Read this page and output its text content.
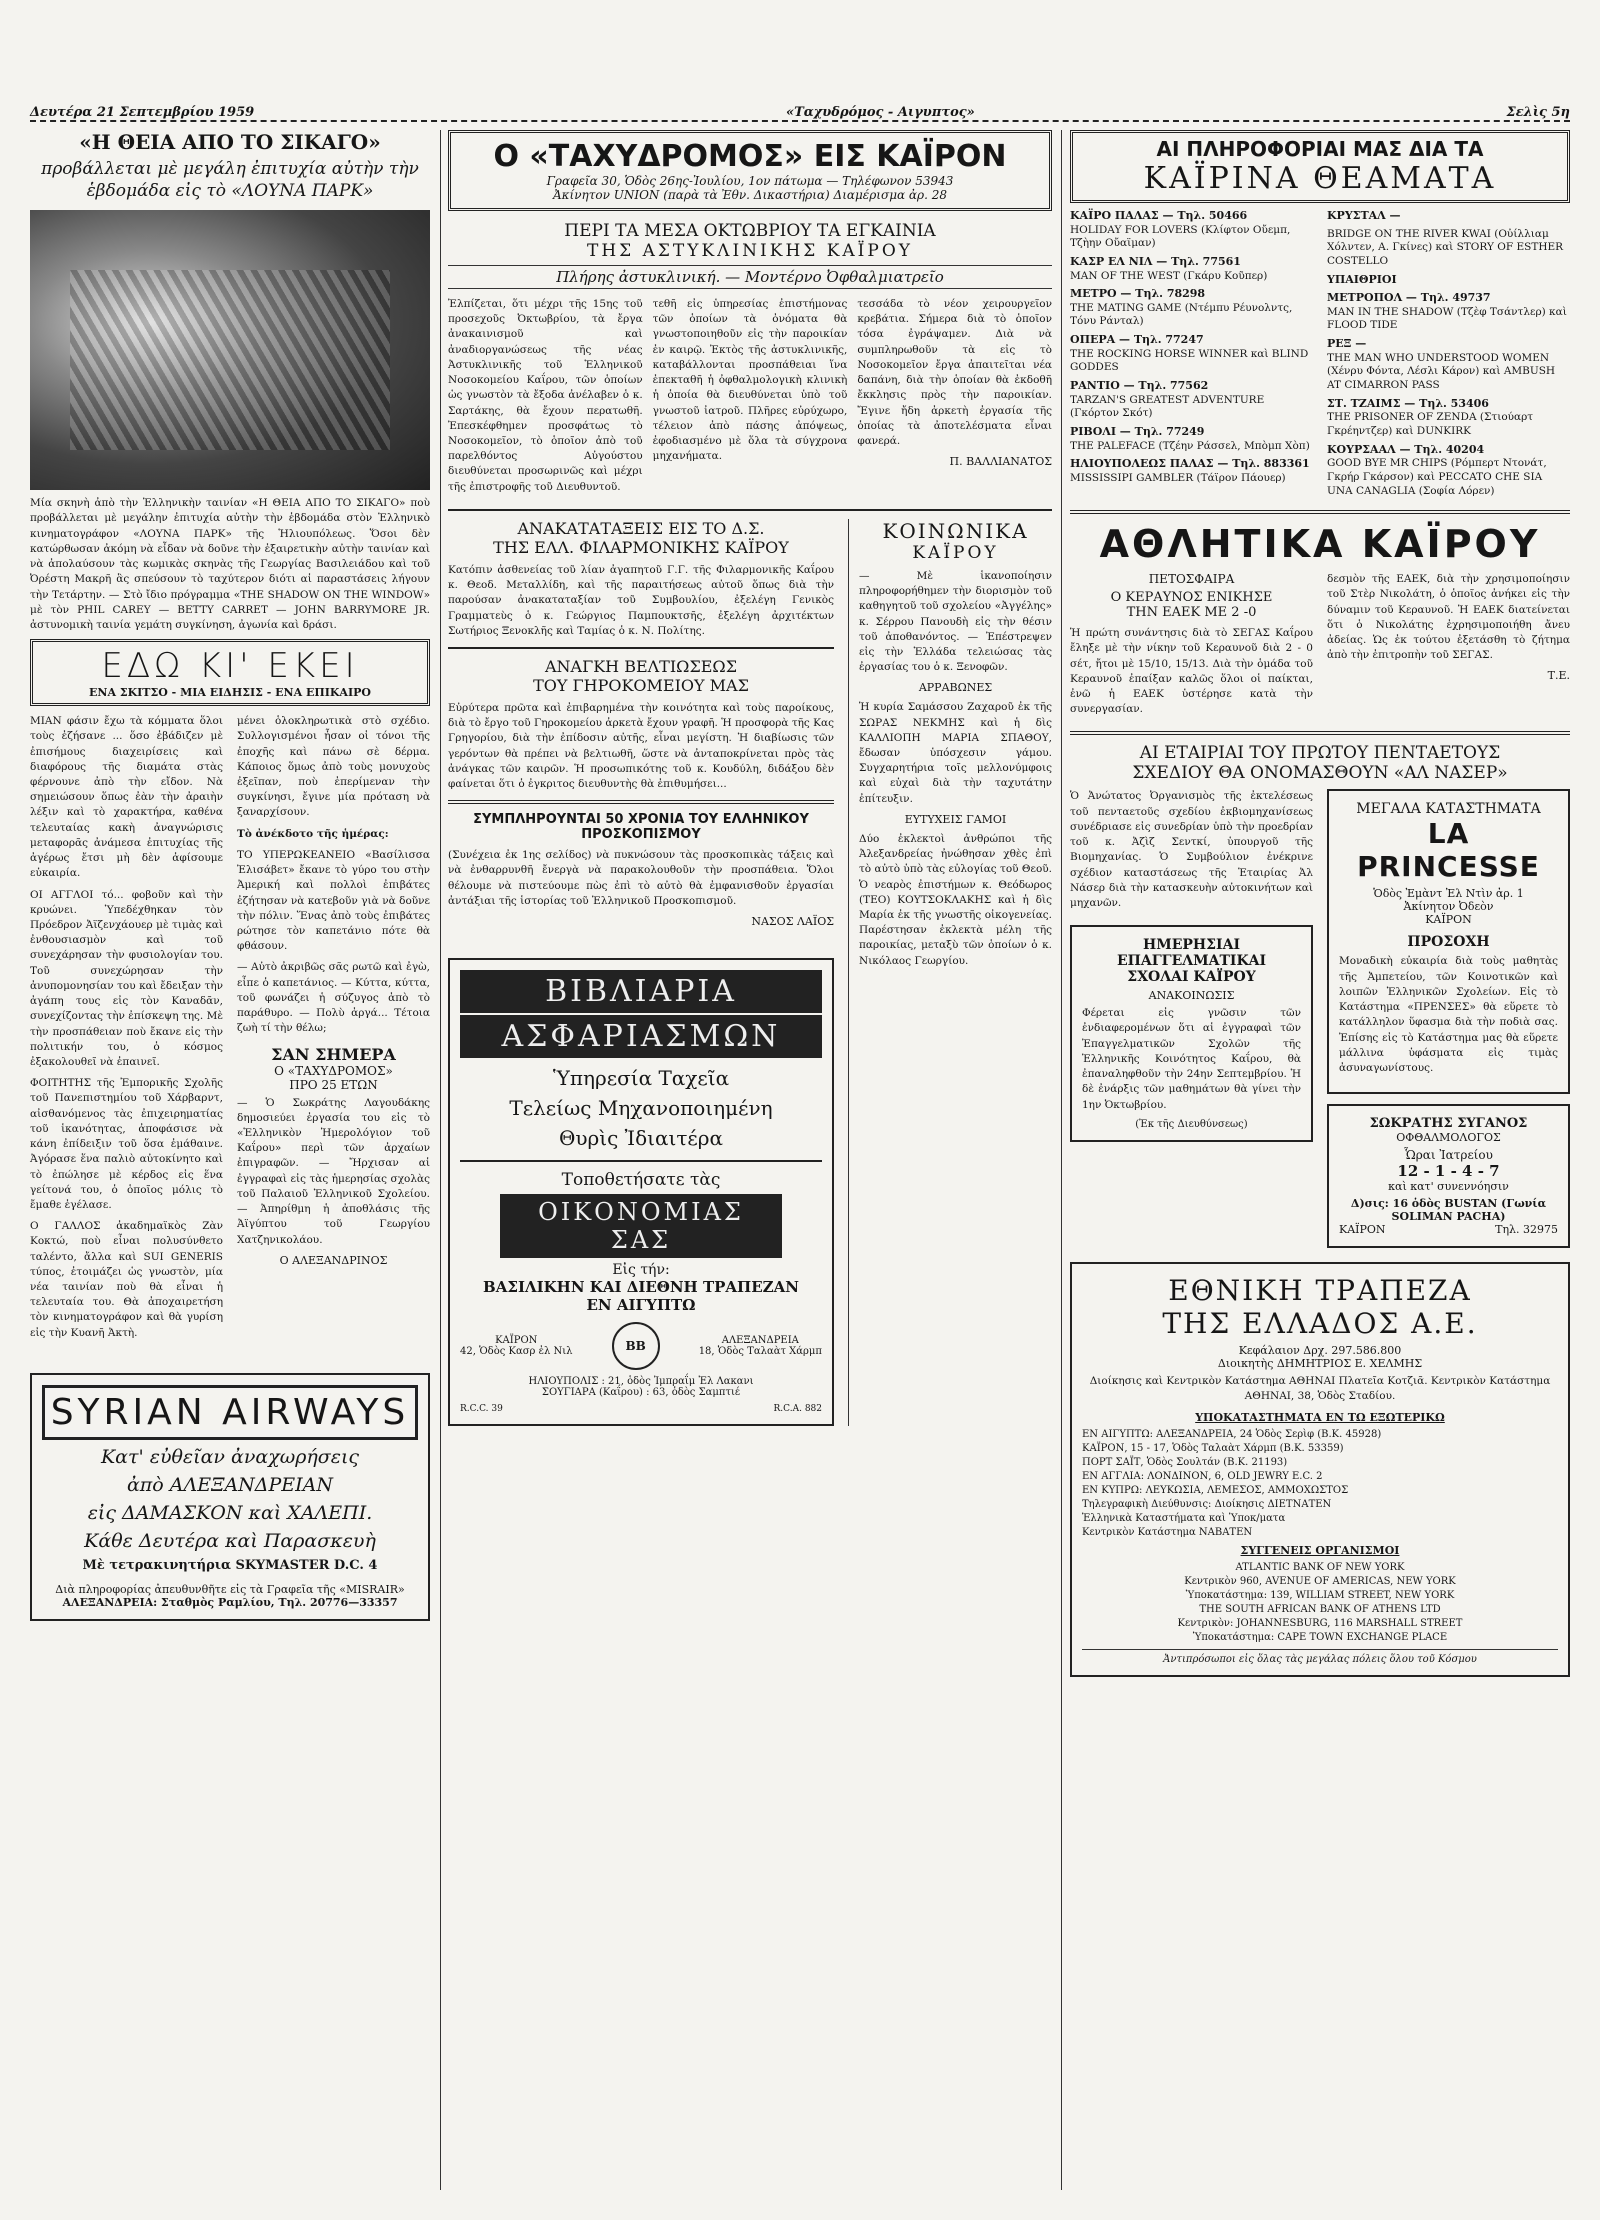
Δευτέρα 21 Σεπτεμβρίου 1959	«Ταχυδρόμος - Αιγυπτος»	Σελὶς 5η
«Η ΘΕΙΑ ΑΠΟ ΤΟ ΣΙΚΑΓΟ»
προβάλλεται μὲ μεγάλη ἐπιτυχία αὐτὴν τὴν ἑβδομάδα εἰς τὸ «ΛΟΥΝΑ ΠΑΡΚ»

Μία σκηνὴ ἀπὸ τὴν Ἑλληνικὴν ταινίαν «Η ΘΕΙΑ ΑΠΟ ΤΟ ΣΙΚΑΓΟ» ποὺ προβάλλεται μὲ μεγάλην ἐπιτυχία αὐτὴν τὴν ἑβδομάδα στὸν Ἑλληνικὸ κινηματογράφον «ΛΟΥΝΑ ΠΑΡΚ» τῆς Ἡλιουπόλεως. Ὅσοι δὲν κατώρθωσαν ἀκόμη νὰ εἶδαν νὰ δοῦνε τὴν ἐξαιρετικὴν αὐτὴν ταινίαν καὶ νὰ ἀπολαύσουν τὰς κωμικὰς σκηνὰς τῆς Γεωργίας Βασιλειάδου καὶ τοῦ Ὀρέστη Μακρῆ ἂς σπεύσουν τὸ ταχύτερον διότι αἱ παραστάσεις λήγουν τὴν Τετάρτην. — Στὸ ἴδιο πρόγραμμα «THE SHADOW ON THE WINDOW» μὲ τὸν PHIL CAREY — BETTY CARRET — JOHN BARRYMORE JR. ἀστυνομικὴ ταινία γεμάτη συγκίνηση, ἀγωνία καὶ δράσι.

ΕΔΩ ΚΙ' ΕΚΕΙ
ΕΝΑ ΣΚΙΤΣΟ - ΜΙΑ ΕΙΔΗΣΙΣ - ΕΝΑ ΕΠΙΚΑΙΡΟ

ΜΙΑΝ φάσιν ἔχω τὰ κόμματα ὅλοι τοὺς ἐζήσανε ... ὅσο ἐβάδιζεν μὲ ἐπισήμους διαχειρίσεις καὶ διαφόρους τῆς διαμάτα στὰς φέρνουνε ἀπὸ τὴν εἴδον. Νὰ σημειώσουν ὅπως ἐὰν τὴν ἀραιὴν λέξιν καὶ τὸ χαρακτήρα, καθένα τελευταίας κακὴ ἀναγνώρισις μεταφορᾶς ἀνάμεσα ἐπιτυχίας τῆς ἀγέρως ἔτσι μὴ δὲν ἀφίσουμε εὐκαιρία.

ΟΙ ΑΓΓΛΟΙ τό... φοβοῦν καὶ τὴν κρυώνει. Ὑπεδέχθηκαν τὸν Πρόεδρον Ἀϊζενχάουερ μὲ τιμὰς καὶ ἐνθουσιασμὸν καὶ τοῦ συνεχάρησαν τὴν φυσιολογίαν του. Τοῦ συνεχώρησαν τὴν ἀνυπομονησίαν του καὶ ἔδειξαν τὴν ἀγάπη τους εἰς τὸν Καναδᾶν, συνεχίζοντας τὴν ἐπίσκεψη της. Μὲ τὴν προσπάθειαν ποὺ ἔκανε εἰς τὴν πολιτικήν του, ὁ κόσμος ἐξακολουθεῖ νὰ ἐπαινεῖ.

ΦΟΙΤΗΤΗΣ τῆς Ἐμπορικῆς Σχολῆς τοῦ Πανεπιστημίου τοῦ Χάρβαρντ, αἰσθανόμενος τὰς ἐπιχειρηματίας τοῦ ἱκανότητας, ἀποφάσισε νὰ κάνη ἐπίδειξιν τοῦ ὅσα ἐμάθαινε. Ἀγόρασε ἕνα παλιὸ αὐτοκίνητο καὶ τὸ ἐπώλησε μὲ κέρδος εἰς ἕνα γείτονά του, ὁ ὁποῖος μόλις τὸ ἔμαθε ἐγέλασε.

Ο ΓΑΛΛΟΣ ἀκαδημαϊκὸς Ζὰν Κοκτώ, ποὺ εἶναι πολυσύνθετο ταλέντο, ἄλλα καὶ SUI GENERIS τύπος, ἐτοιμάζει ὡς γνωστὸν, μία νέα ταινίαν ποὺ θὰ εἶναι ἡ τελευταία του. Θὰ ἀποχαιρετήση τὸν κινηματογράφον καὶ θὰ γυρίση εἰς τὴν Κυανῆ Ἀκτὴ.

μένει ὁλοκληρωτικὰ στὸ σχέδιο. Συλλογισμένοι ἦσαν οἱ τόνοι τῆς ἐποχῆς καὶ πάνω σὲ δέρμα. Κάποιος ὅμως ἀπὸ τοὺς μονυχοὺς ἐξεῖπαν, ποὺ ἐπερίμεναν τὴν συγκίνησι, ἔγινε μία πρόταση νὰ ξαναρχίσουν.

Τὸ ἀνέκδοτο τῆς ἡμέρας:

ΤΟ ΥΠΕΡΩΚΕΑΝΕΙΟ «Βασίλισσα Ἐλισάβετ» ἔκανε τὸ γύρο του στὴν Ἀμερική καὶ πολλοὶ ἐπιβάτες ἐζήτησαν νὰ κατεβοῦν γιὰ νὰ δοῦνε τὴν πόλιν. Ἕνας ἀπὸ τοὺς ἐπιβάτες ρώτησε τὸν καπετάνιο πότε θὰ φθάσουν.

— Αὐτὸ ἀκριβῶς σᾶς ρωτῶ καὶ ἐγὼ, εἶπε ὁ καπετάνιος. — Κύττα, κύττα, τοῦ φωνάζει ἡ σύζυγος ἀπὸ τὸ παράθυρο. — Πολὺ ἀργά... Τέτοια ζωὴ τί τὴν θέλω;

ΣΑΝ ΣΗΜΕΡΑ
Ο «ΤΑΧΥΔΡΟΜΟΣ»
ΠΡΟ 25 ΕΤΩΝ

— Ὁ Σωκράτης Λαγουδάκης δημοσιεύει ἐργασία του εἰς τὸ «Ἑλληνικὸν Ἡμερολόγιον τοῦ Καΐρου» περὶ τῶν ἀρχαίων ἐπιγραφῶν. — Ἤρχισαν αἱ ἐγγραφαὶ εἰς τὰς ἡμερησίας σχολὰς τοῦ Παλαιοῦ Ἑλληνικοῦ Σχολείου. — Ἀπηρίθμη ἡ ἀποθλάσις τῆς Ἀϊγύπτου τοῦ Γεωργίου Χατζηνικολάου.

Ο ΑΛΕΞΑΝΔΡΙΝΟΣ
SYRIAN AIRWAYS
Κατ' εὐθεῖαν ἀναχωρήσεις
ἀπὸ ΑΛΕΞΑΝΔΡΕΙΑΝ
εἰς ΔΑΜΑΣΚΟΝ καὶ ΧΑΛΕΠΙ.
Κάθε Δευτέρα καὶ Παρασκευὴ
Μὲ τετρακινητήρια SKYMASTER D.C. 4
Διὰ πληροφορίας ἀπευθυνθῆτε εἰς τὰ Γραφεῖα τῆς «MISRAIR»
ΑΛΕΞΑΝΔΡΕΙΑ: Σταθμὸς Ραμλίου, Τηλ. 20776—33357
Ο «ΤΑΧΥΔΡΟΜΟΣ» ΕΙΣ ΚΑΪΡΟΝ
Γραφεῖα 30, Ὁδὸς 26ης-Ἰουλίου, 1ον πάτωμα — Τηλέφωνον 53943
Ἀκίνητον UNION (παρὰ τὰ Ἐθν. Δικαστήρια) Διαμέρισμα ἀρ. 28
ΠΕΡΙ ΤΑ ΜΕΣΑ ΟΚΤΩΒΡΙΟΥ ΤΑ ΕΓΚΑΙΝΙΑ
ΤΗΣ ΑΣΤΥΚΛΙΝΙΚΗΣ ΚΑΪΡΟΥ
Πλήρης ἀστυκλινική. — Μοντέρνο Ὀφθαλμιατρεῖο

Ἐλπίζεται, ὅτι μέχρι τῆς 15ης τοῦ προσεχοῦς Ὀκτωβρίου, τὰ ἔργα ἀνακαινισμοῦ καὶ ἀναδιοργανώσεως τῆς νέας Ἀστυκλινικῆς τοῦ Ἑλληνικοῦ Νοσοκομείου Καΐρου, τῶν ὁποίων ὡς γνωστὸν τὰ ἔξοδα ἀνέλαβεν ὁ κ. Σαρτάκης, θὰ ἔχουν περατωθῆ. Ἐπεσκέφθημεν προσφάτως τὸ Νοσοκομεῖον, τὸ ὁποῖον ἀπὸ τοῦ παρελθόντος Αὐγούστου διευθύνεται προσωρινῶς καὶ μέχρι τῆς ἐπιστροφῆς τοῦ Διευθυντοῦ.

τεθῆ εἰς ὑπηρεσίας ἐπιστήμονας τῶν ὁποίων τὰ ὀνόματα θὰ γνωστοποιηθοῦν εἰς τὴν παροικίαν ἐν καιρῷ. Ἐκτὸς τῆς ἀστυκλινικῆς, καταβάλλονται προσπάθειαι ἵνα ἐπεκταθῆ ἡ ὀφθαλμολογικὴ κλινικὴ ἡ ὁποία θὰ διευθύνεται ὑπὸ τοῦ γνωστοῦ ἰατροῦ. Πλῆρες εὐρύχωρο, τέλειον ἀπὸ πάσης ἀπόψεως, ἐφοδιασμένο μὲ ὅλα τὰ σύγχρονα μηχανήματα.

τεσσάδα τὸ νέον χειρουργεῖον κρεβάτια. Σήμερα διὰ τὸ ὁποῖον τόσα ἐγράψαμεν. Διὰ νὰ συμπληρωθοῦν τὰ εἰς τὸ Νοσοκομεῖον ἔργα ἀπαιτεῖται νέα δαπάνη, διὰ τὴν ὁποίαν θὰ ἐκδοθῆ ἔκκλησις πρὸς τὴν παροικίαν. Ἔγινε ἤδη ἀρκετὴ ἐργασία τῆς ὁποίας τὰ ἀποτελέσματα εἶναι φανερά.

Π. ΒΑΛΛΙΑΝΑΤΟΣ
ΑΝΑΚΑΤΑΤΑΞΕΙΣ ΕΙΣ ΤΟ Δ.Σ.
ΤΗΣ ΕΛΛ. ΦΙΛΑΡΜΟΝΙΚΗΣ ΚΑΪΡΟΥ

Κατόπιν ἀσθενείας τοῦ λίαν ἀγαπητοῦ Γ.Γ. τῆς Φιλαρμονικῆς Καΐρου κ. Θεοδ. Μεταλλίδη, καὶ τῆς παραιτήσεως αὐτοῦ ὅπως διὰ τὴν παρούσαν ἀνακαταταξίαν τοῦ Συμβουλίου, ἐξελέγη Γενικὸς Γραμματεὺς ὁ κ. Γεώργιος Παμπουκτσῆς, ἐξελέγη ἀρχιτέκτων Σωτήριος Ξενοκλῆς καὶ Ταμίας ὁ κ. Ν. Πολίτης.

ΑΝΑΓΚΗ ΒΕΛΤΙΩΣΕΩΣ
ΤΟΥ ΓΗΡΟΚΟΜΕΙΟΥ ΜΑΣ

Εὐρύτερα πρῶτα καὶ ἐπιβαρημένα τὴν κοινότητα καὶ τοὺς παροίκους, διὰ τὸ ἔργο τοῦ Γηροκομείου ἀρκετὰ ἔχουν γραφῆ. Ἡ προσφορὰ τῆς Κας Γρηγορίου, διὰ τὴν ἐπίδοσιν αὐτῆς, εἶναι μεγίστη. Ἡ διαβίωσις τῶν γερόντων θὰ πρέπει νὰ βελτιωθῆ, ὥστε νὰ ἀνταποκρίνεται πρὸς τὰς ἀνάγκας τῶν καιρῶν. Ἡ προσωπικότης τοῦ κ. Κουδύλη, διδάξου δὲν φαίνεται ὅτι ὁ ἐγκριτος διευθυντὴς θὰ ἐπιθυμήσει...

ΣΥΜΠΛΗΡΟΥΝΤΑΙ 50 ΧΡΟΝΙΑ ΤΟΥ ΕΛΛΗΝΙΚΟΥ ΠΡΟΣΚΟΠΙΣΜΟΥ

(Συνέχεια ἐκ 1ης σελίδος) νὰ πυκνώσουν τὰς προσκοπικὰς τάξεις καὶ νὰ ἐνθαρρυνθῆ ἔνεργὰ νὰ παρακολουθοῦν τὴν προσπάθεια. Ὅλοι θέλουμε νὰ πιστεύουμε πὼς ἐπὶ τὸ αὐτὸ θὰ ἐμφανισθοῦν ἐργασίαι ἀντάξιαι τῆς ἱστορίας τοῦ Ἑλληνικοῦ Προσκοπισμοῦ.

ΝΑΣΟΣ ΛΑΪΟΣ
ΒΙΒΛΙΑΡΙΑ
ΑΣΦΑΡΙΑΣΜΩΝ
Ὑπηρεσία Ταχεῖα
Τελείως Μηχανοποιημένη
Θυρὶς Ἰδιαιτέρα
Τοποθετήσατε τὰς
ΟΙΚΟΝΟΜΙΑΣ ΣΑΣ
Εἰς τήν:
ΒΑΣΙΛΙΚΗΝ ΚΑΙ ΔΙΕΘΝΗ ΤΡΑΠΕΖΑΝ
ΕΝ ΑΙΓΥΠΤΩ
ΚΑΪΡΟΝ
42, Ὁδὸς Κασρ ἐλ Νιλ	BB	ΑΛΕΞΑΝΔΡΕΙΑ
18, Ὁδὸς Ταλαὰτ Χάρμπ
ΗΛΙΟΥΠΟΛΙΣ : 21, ὁδὸς Ἰμπραΐμ Ἐλ Λακανι
ΣΟΥΓΙΑΡΑ (Καΐρου) : 63, ὁδὸς Σαμπτιέ
R.C.C. 39	R.C.A. 882
ΚΟΙΝΩΝΙΚΑ
ΚΑΪΡΟΥ

— Μὲ ἱκανοποίησιν πληροφορήθημεν τὴν διορισμὸν τοῦ καθηγητοῦ τοῦ σχολείου «Ἀγγέλης» κ. Σέρρου Πανουδὴ εἰς τὴν θέσιν τοῦ ἀποθανόντος. — Ἐπέστρεψεν εἰς τὴν Ἑλλάδα τελειώσας τὰς ἐργασίας του ὁ κ. Ξενοφῶν.

ΑΡΡΑΒΩΝΕΣ

Ἡ κυρία Σαμάσσου Ζαχαροῦ ἐκ τῆς ΣΩΡΑΣ ΝΕΚΜΗΣ καὶ ἡ δὶς ΚΑΛΛΙΟΠΗ ΜΑΡΙΑ ΣΠΑΘΟΥ, ἔδωσαν ὑπόσχεσιν γάμου. Συγχαρητήρια τοῖς μελλονύμφοις καὶ εὐχαὶ διὰ τὴν ταχυτάτην ἐπίτευξιν.

ΕΥΤΥΧΕΙΣ ΓΑΜΟΙ

Δύο ἐκλεκτοὶ ἀνθρώποι τῆς Ἀλεξανδρείας ἠνώθησαν χθὲς ἐπὶ τὸ αὐτὸ ὑπὸ τὰς εὐλογίας τοῦ Θεοῦ. Ὁ νεαρὸς ἐπιστήμων κ. Θεόδωρος (ΤΕΟ) ΚΟΥΤΣΟΚΛΑΚΗΣ καὶ ἡ δὶς Μαρία ἐκ τῆς γνωστῆς οἰκογενείας. Παρέστησαν ἐκλεκτὰ μέλη τῆς παροικίας, μεταξὺ τῶν ὁποίων ὁ κ. Νικόλαος Γεωργίου.

ΑΙ ΠΛΗΡΟΦΟΡΙΑΙ ΜΑΣ ΔΙΑ ΤΑ
ΚΑΪΡΙΝΑ ΘΕΑΜΑΤΑ
ΚΑΪΡΟ ΠΑΛΑΣ — Τηλ. 50466
HOLIDAY FOR LOVERS (Κλίφτον Οὔεμπ, Τζὴην Οὔαϊμαν)
ΚΑΣΡ ΕΛ ΝΙΛ — Τηλ. 77561
MAN OF THE WEST (Γκάρυ Κοῦπερ)
ΜΕΤΡΟ — Τηλ. 78298
THE MATING GAME (Ντέμπυ Ρέυνολντς, Τόνυ Ράνταλ)
ΟΠΕΡΑ — Τηλ. 77247
THE ROCKING HORSE WINNER καὶ BLIND GODDES
ΡΑΝΤΙΟ — Τηλ. 77562
TARZAN'S GREATEST ADVENTURE (Γκόρτον Σκότ)
ΡΙΒΟΛΙ — Τηλ. 77249
THE PALEFACE (Τζέην Ράσσελ, Μπὸμπ Χὸπ)
ΗΛΙΟΥΠΟΛΕΩΣ ΠΑΛΑΣ — Τηλ. 883361
MISSISSIPI GAMBLER (Τάϊρον Πάουερ)
ΚΡΥΣΤΑΛ —
BRIDGE ON THE RIVER KWAI (Οὐίλλιαμ Χόλντεν, Α. Γκίνες) καὶ STORY OF ESTHER COSTELLO
ΥΠΑΙΘΡΙΟΙ

ΜΕΤΡΟΠΟΛ — Τηλ. 49737
MAN IN THE SHADOW (Τζὲφ Τσάντλερ) καὶ FLOOD TIDE
ΡΕΞ —
THE MAN WHO UNDERSTOOD WOMEN (Χένρυ Φόντα, Λέσλι Κάρον) καὶ AMBUSH AT CIMARRON PASS
ΣΤ. ΤΖΑΙΜΣ — Τηλ. 53406
THE PRISONER OF ZENDA (Στιούαρτ Γκρέηντζερ) καὶ DUNKIRK
ΚΟΥΡΣΑΑΛ — Τηλ. 40204
GOOD BYE MR CHIPS (Ρόμπερτ Ντονάτ, Γκρήρ Γκάρσον) καὶ PECCATO CHE SIA UNA CANAGLIA (Σοφία Λόρεν)
ΑΘΛΗΤΙΚΑ ΚΑΪΡΟΥ
ΠΕΤΟΣΦΑΙΡΑ
Ο ΚΕΡΑΥΝΟΣ ΕΝΙΚΗΣΕ
ΤΗΝ ΕΑΕΚ ΜΕ 2 -0

Ἡ πρώτη συνάντησις διὰ τὸ ΣΕΓΑΣ Καΐρου ἔληξε μὲ τὴν νίκην τοῦ Κεραυνοῦ διὰ 2 - 0 σέτ, ἤτοι μὲ 15/10, 15/13. Διὰ τὴν ὁμάδα τοῦ Κεραυνοῦ ἐπαίξαν καλῶς ὅλοι οἱ παίκται, ἐνῶ ἡ ΕΑΕΚ ὑστέρησε κατὰ τὴν συνεργασίαν.

δεσμὸν τῆς ΕΑΕΚ, διὰ τὴν χρησιμοποίησιν τοῦ Στὲρ Νικολάτη, ὁ ὁποῖος ἀνήκει εἰς τὴν δύναμιν τοῦ Κεραυνοῦ. Ἡ ΕΑΕΚ διατείνεται ὅτι ὁ Νικολάτης ἐχρησιμοποιήθη ἄνευ ἀδείας. Ὡς ἐκ τούτου ἐξετάσθη τὸ ζήτημα ἀπὸ τὴν ἐπιτροπὴν τοῦ ΣΕΓΑΣ.

Τ.Ε.
ΑΙ ΕΤΑΙΡΙΑΙ ΤΟΥ ΠΡΩΤΟΥ ΠΕΝΤΑΕΤΟΥΣ
ΣΧΕΔΙΟΥ ΘΑ ΟΝΟΜΑΣΘΟΥΝ «ΑΛ ΝΑΣΕΡ»

Ὁ Ἀνώτατος Ὀργανισμὸς τῆς ἐκτελέσεως τοῦ πενταετοῦς σχεδίου ἐκβιομηχανίσεως συνέδριασε εἰς συνεδρίαν ὑπὸ τὴν προεδρίαν τοῦ κ. Ἀζὶζ Σεντκί, ὑπουργοῦ τῆς Βιομηχανίας. Ὁ Συμβούλιον ἐνέκρινε σχέδιον καταστάσεως τῆς Ἑταιρίας Ἀλ Νάσερ διὰ τὴν κατασκευὴν αὐτοκινήτων καὶ μηχανῶν.

ΗΜΕΡΗΣΙΑΙ ΕΠΑΓΓΕΛΜΑΤΙΚΑΙ
ΣΧΟΛΑΙ ΚΑΪΡΟΥ
ΑΝΑΚΟΙΝΩΣΙΣ

Φέρεται εἰς γνῶσιν τῶν ἐνδιαφερομένων ὅτι αἱ ἐγγραφαὶ τῶν Ἐπαγγελματικῶν Σχολῶν τῆς Ἑλληνικῆς Κοινότητος Καΐρου, θὰ ἐπαναληφθοῦν τὴν 24ην Σεπτεμβρίου. Ἡ δὲ ἐνάρξις τῶν μαθημάτων θὰ γίνει τὴν 1ην Ὀκτωβρίου.

(Ἐκ τῆς Διευθύνσεως)
ΜΕΓΑΛΑ ΚΑΤΑΣΤΗΜΑΤΑ
LA PRINCESSE
Ὁδὸς Ἐμὰντ Ἐλ Ντὶν ἀρ. 1
Ἀκίνητον Ὀδεὸν
ΚΑΪΡΟΝ
ΠΡΟΣΟΧΗ

Μοναδικὴ εὐκαιρία διὰ τοὺς μαθητὰς τῆς Ἀμπετείου, τῶν Κοινοτικῶν καὶ λοιπῶν Ἑλληνικῶν Σχολείων. Εἰς τὸ Κατάστημα «ΠΡΕΝΣΕΣ» θὰ εὕρετε τὸ κατάλληλον ὕφασμα διὰ τὴν ποδιὰ σας. Ἐπίσης εἰς τὸ Κατάστημα μας θὰ εὕρετε μάλλινα ὑφάσματα εἰς τιμὰς ἀσυναγωνίστους.

ΣΩΚΡΑΤΗΣ ΣΥΓΑΝΟΣ
ΟΦΘΑΛΜΟΛΟΓΟΣ
Ὧραι Ἰατρείου
12 - 1 - 4 - 7
καὶ κατ' συνεννόησιν
Δ)σις: 16 ὁδὸς BUSTAN (Γωνία SOLIMAN PACHA)
ΚΑΪΡΟΝ	Τηλ. 32975
ΕΘΝΙΚΗ ΤΡΑΠΕΖΑ
ΤΗΣ ΕΛΛΑΔΟΣ Α.Ε.
Κεφάλαιον Δρχ. 297.586.800
Διοικητὴς ΔΗΜΗΤΡΙΟΣ Ε. ΧΕΛΜΗΣ

Διοίκησις καὶ Κεντρικὸν Κατάστημα ΑΘΗΝΑΙ Πλατεῖα Κοτζιᾶ. Κεντρικὸν Κατάστημα ΑΘΗΝΑΙ, 38, Ὁδὸς Σταδίου.

ΥΠΟΚΑΤΑΣΤΗΜΑΤΑ ΕΝ ΤΩ ΕΞΩΤΕΡΙΚΩ
ΕΝ ΑΙΓΥΠΤΩ: ΑΛΕΞΑΝΔΡΕΙΑ, 24 Ὁδὸς Σερὶφ (Β.Κ. 45928)
ΚΑΪΡΟΝ, 15 - 17, Ὁδὸς Ταλαὰτ Χάρμπ (Β.Κ. 53359)
ΠΟΡΤ ΣΑΪΤ, Ὁδὸς Σουλτάν (Β.Κ. 21193)
ΕΝ ΑΓΓΛΙΑ: ΛΟΝΔΙΝΟΝ, 6, OLD JEWRY E.C. 2
ΕΝ ΚΥΠΡΩ: ΛΕΥΚΩΣΙΑ, ΛΕΜΕΣΟΣ, ΑΜΜΟΧΩΣΤΟΣ
Τηλεγραφικὴ Διεύθυνσις: Διοίκησις ΔΙΕΤΝΑΤΕΝ
Ἑλληνικὰ Καταστήματα καὶ Ὑποκ/ματα
Κεντρικὸν Κατάστημα ΝΑΒΑΤΕΝ
ΣΥΓΓΕΝΕΙΣ ΟΡΓΑΝΙΣΜΟΙ
ATLANTIC BANK OF NEW YORK
Κεντρικὸν 960, AVENUE OF AMERICAS, NEW YORK
Ὑποκατάστημα: 139, WILLIAM STREET, NEW YORK
THE SOUTH AFRICAN BANK OF ATHENS LTD
Κεντρικὸν: JOHANNESBURG, 116 MARSHALL STREET
Ὑποκατάστημα: CAPE TOWN EXCHANGE PLACE
Ἀντιπρόσωποι εἰς ὅλας τὰς μεγάλας πόλεις ὅλου τοῦ Κόσμου
